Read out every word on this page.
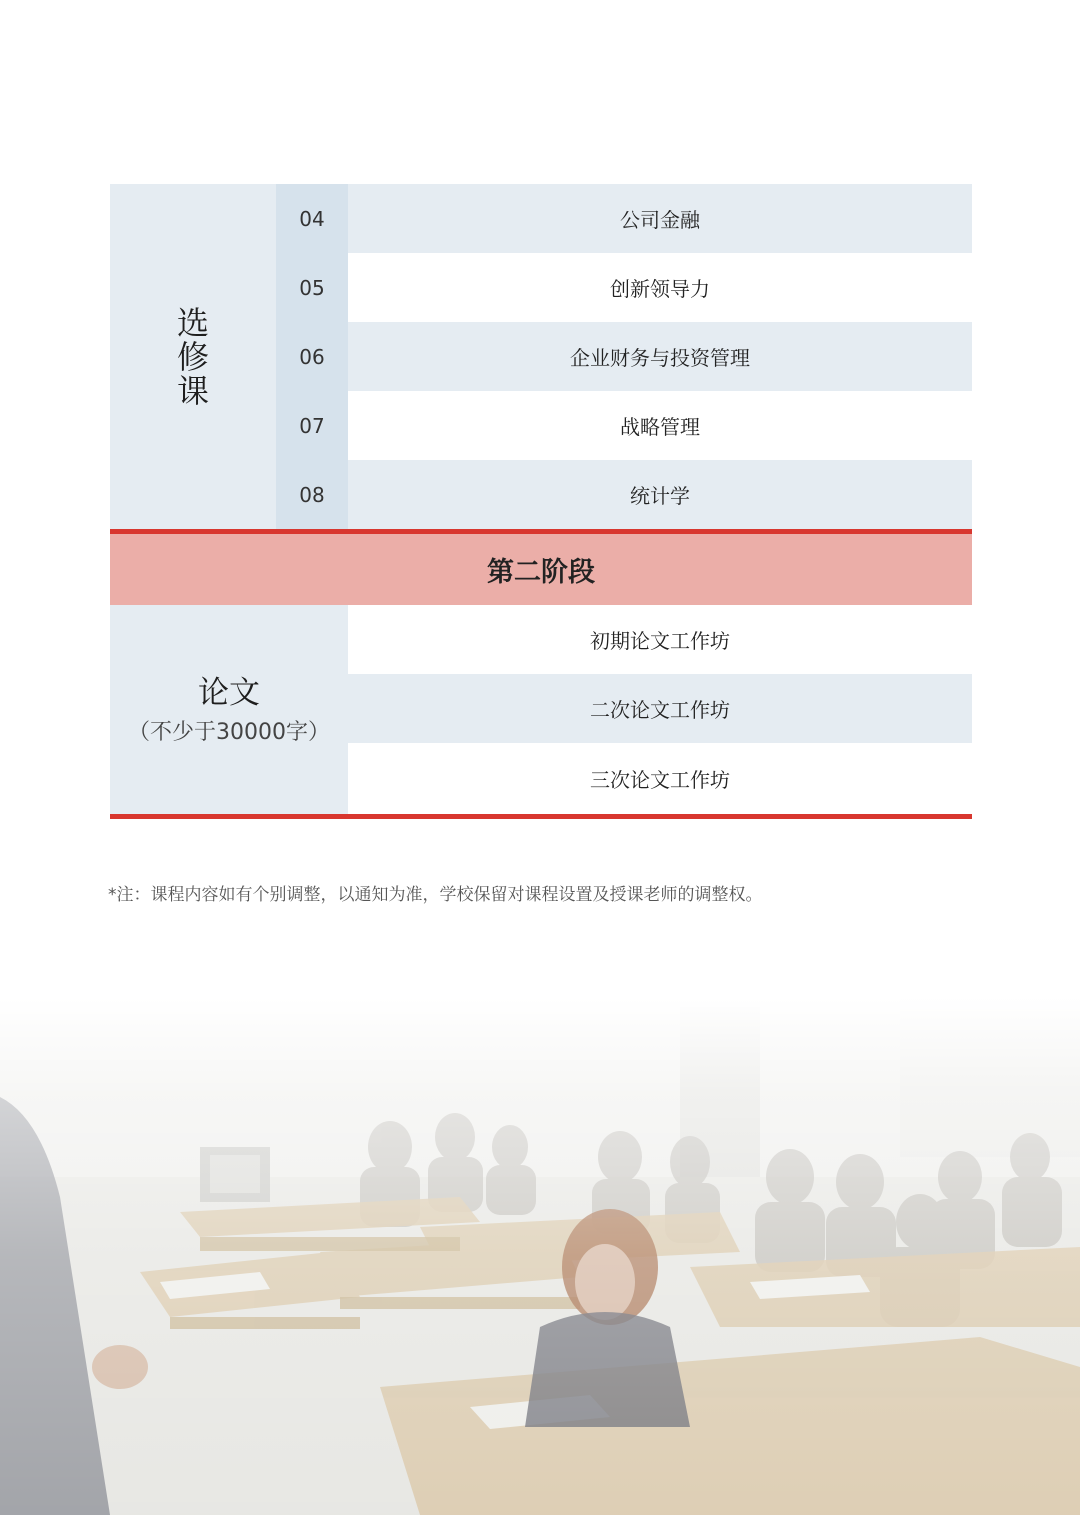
选修课
04	公司金融
05	创新领导力
06	企业财务与投资管理
07	战略管理
08	统计学
第二阶段
论文
（不少于30000字）
初期论文工作坊
二次论文工作坊
三次论文工作坊
*注：课程内容如有个别调整，以通知为准，学校保留对课程设置及授课老师的调整权。
